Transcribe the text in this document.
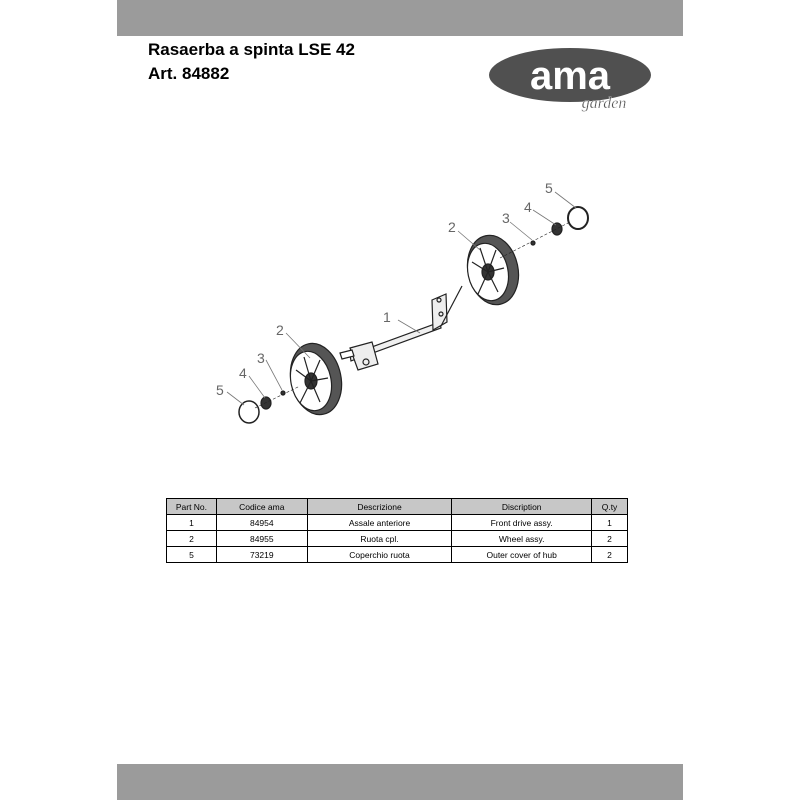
Rasaerba a spinta LSE 42
Art. 84882	ama
garden
1
2
3
4
5
2
3
4
5
Part No.	Codice ama	Descrizione	Discription	Q.ty
1	84954	Assale anteriore	Front drive assy.	1
2	84955	Ruota cpl.	Wheel assy.	2
5	73219	Coperchio ruota	Outer cover of hub	2
